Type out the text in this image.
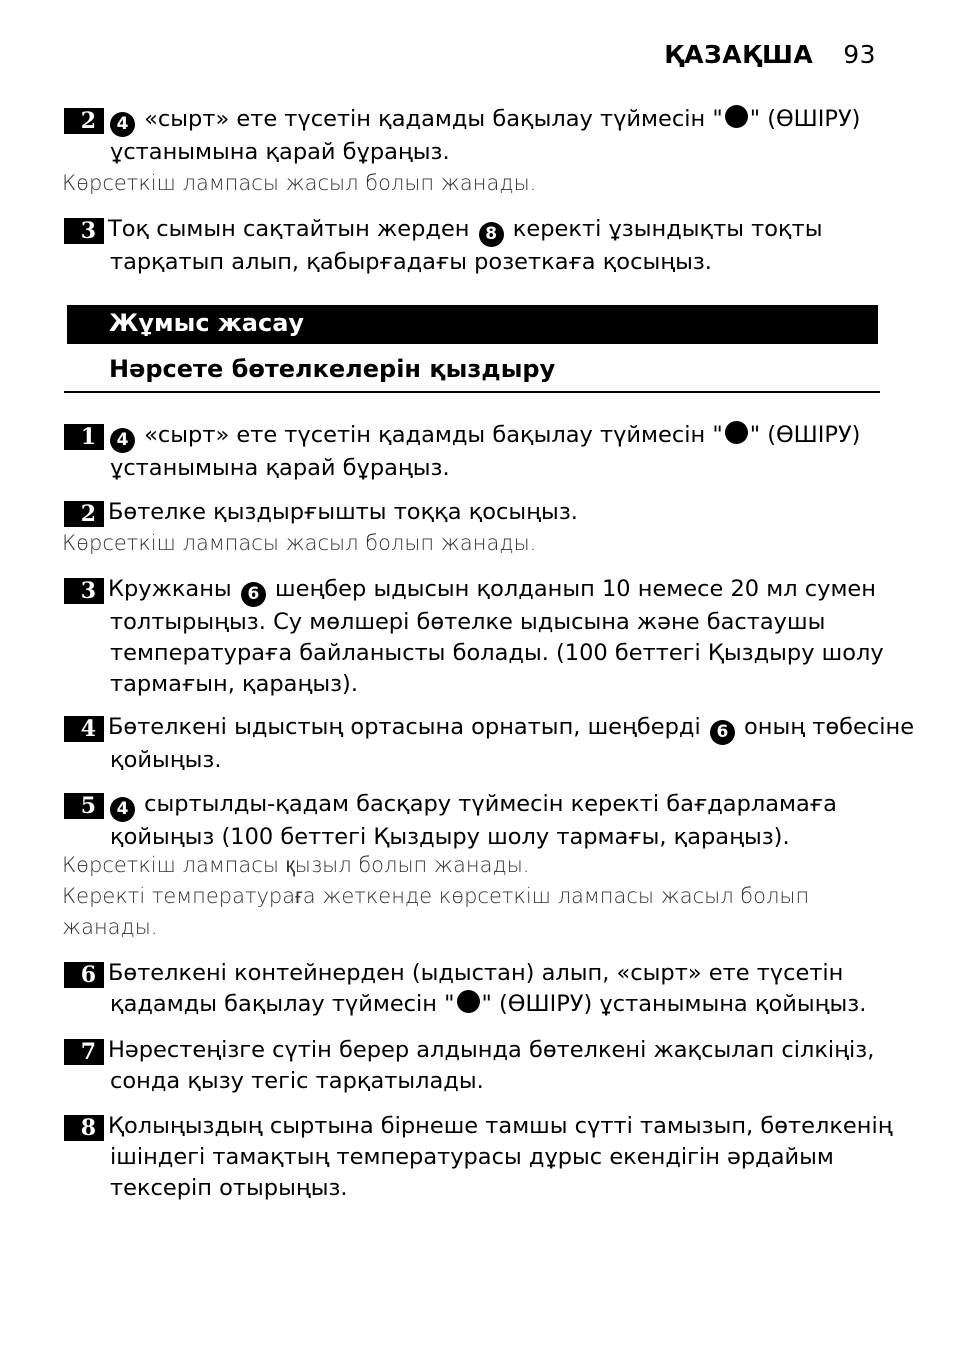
ҚАЗАҚША 93
2	4 «сырт» ете түсетін қадамды бақылау түймесін " " (ӨШІРУ)
ұстанымына қарай бұраңыз.
Көрсеткіш лампасы жасыл болып жанады.
3 Тоқ сымын сақтайтын жерден 8 керекті ұзындықты тоқты
тарқатып алып, қабырғадағы розеткаға қосыңыз.
Жұмыс жасау
Нәрсете бөтелкелерін қыздыру
1	4 «сырт» ете түсетін қадамды бақылау түймесін " " (ӨШІРУ)
ұстанымына қарай бұраңыз.
2 Бөтелке қыздырғышты тоққа қосыңыз.
Көрсеткіш лампасы жасыл болып жанады.
3 Кружканы 6 шеңбер ыдысын қолданып 10 немесе 20 мл сумен
толтырыңыз. Су мөлшері бөтелке ыдысына және бастаушы
температураға байланысты болады. (100 беттегі Қыздыру шолу
тармағын, қараңыз).
4 Бөтелкені ыдыстың ортасына орнатып, шеңберді 6 оның төбесіне
қойыңыз.
5	4 сыртылды-қадам басқару түймесін керекті бағдарламаға
қойыңыз (100 беттегі Қыздыру шолу тармағы, қараңыз).
Көрсеткіш лампасы қызыл болып жанады.
Керекті температураға жеткенде көрсеткіш лампасы жасыл болып
жанады.
6 Бөтелкені контейнерден (ыдыстан) алып, «сырт» ете түсетін
қадамды бақылау түймесін " " (ӨШІРУ) ұстанымына қойыңыз.
7 Нәрестеңізге сүтін берер алдында бөтелкені жақсылап сілкіңіз,
сонда қызу тегіс тарқатылады.
8 Қолыңыздың сыртына бірнеше тамшы сүтті тамызып, бөтелкенің
ішіндегі тамақтың температурасы дұрыс екендігін әрдайым
тексеріп отырыңыз.
